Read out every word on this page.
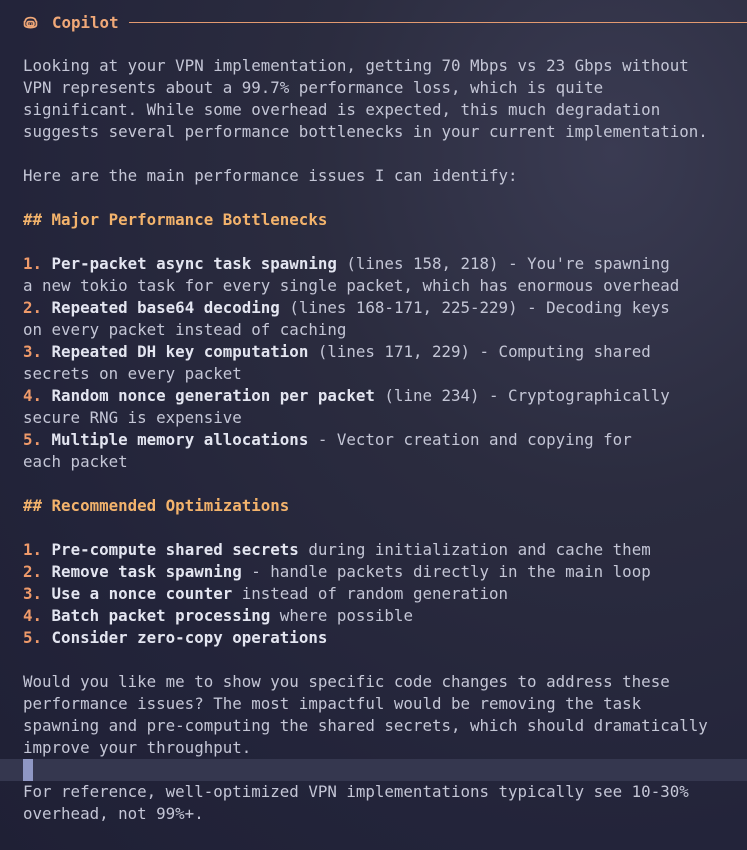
Copilot
Looking at your VPN implementation, getting 70 Mbps vs 23 Gbps without
VPN represents about a 99.7% performance loss, which is quite
significant. While some overhead is expected, this much degradation
suggests several performance bottlenecks in your current implementation.
Here are the main performance issues I can identify:
## Major Performance Bottlenecks
1. Per-packet async task spawning (lines 158, 218) - You're spawning
a new tokio task for every single packet, which has enormous overhead
2. Repeated base64 decoding (lines 168-171, 225-229) - Decoding keys
on every packet instead of caching
3. Repeated DH key computation (lines 171, 229) - Computing shared
secrets on every packet
4. Random nonce generation per packet (line 234) - Cryptographically
secure RNG is expensive
5. Multiple memory allocations - Vector creation and copying for
each packet
## Recommended Optimizations
1. Pre-compute shared secrets during initialization and cache them
2. Remove task spawning - handle packets directly in the main loop
3. Use a nonce counter instead of random generation
4. Batch packet processing where possible
5. Consider zero-copy operations
Would you like me to show you specific code changes to address these
performance issues? The most impactful would be removing the task
spawning and pre-computing the shared secrets, which should dramatically
improve your throughput.
For reference, well-optimized VPN implementations typically see 10-30%
overhead, not 99%+.
